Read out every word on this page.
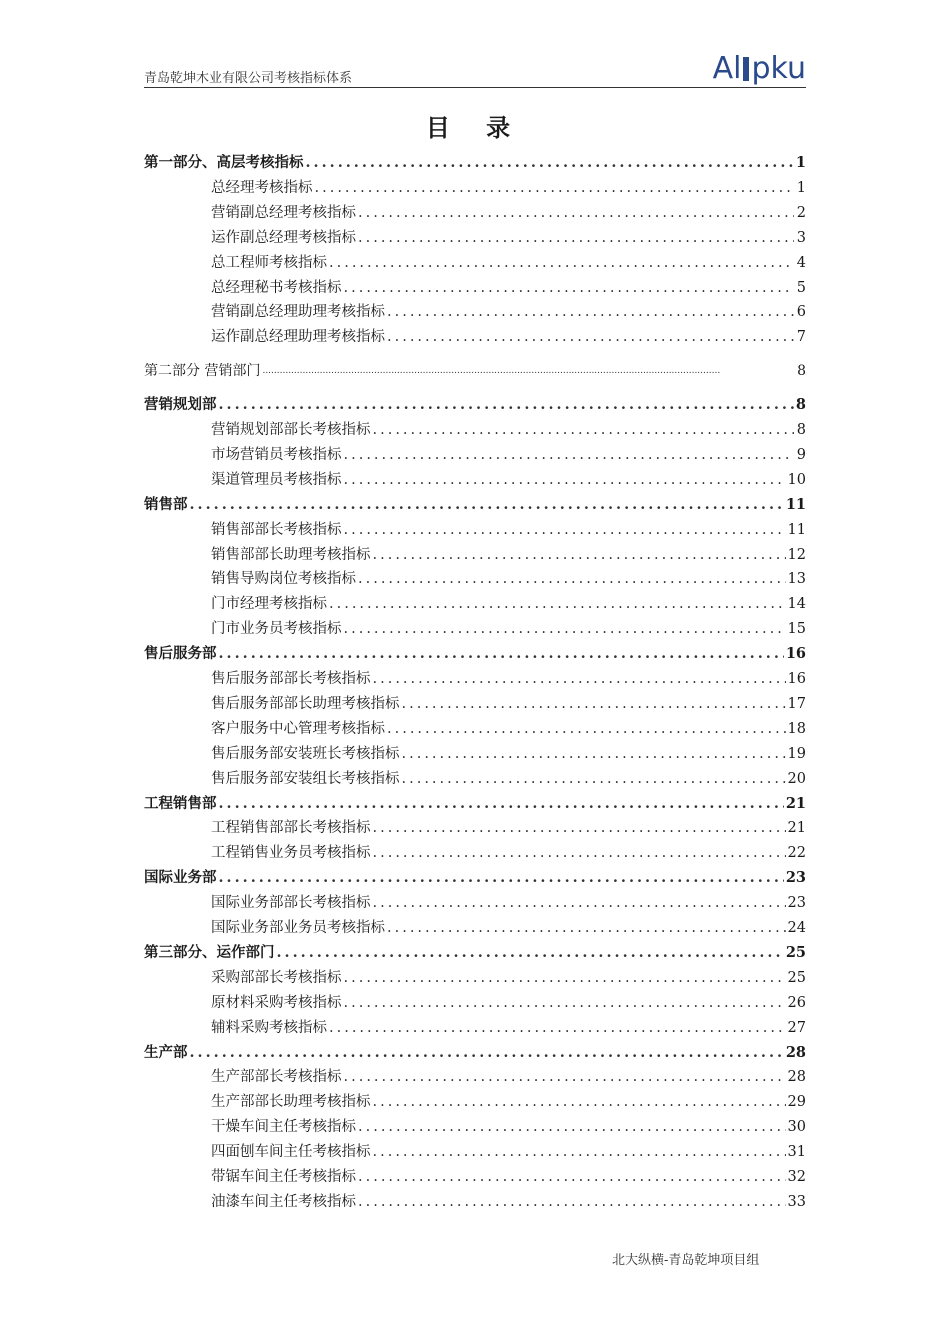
青岛乾坤木业有限公司考核指标体系	Al pku
目 录
第一部分、高层考核指标 .....	1
总经理考核指标 .....	1
营销副总经理考核指标 .....	2
运作副总经理考核指标 .....	3
总工程师考核指标 .....	4
总经理秘书考核指标 .....	5
营销副总经理助理考核指标 .....	6
运作副总经理助理考核指标 .....	7
第二部分 营销部门 .....	8
营销规划部 .....	8
营销规划部部长考核指标 .....	8
市场营销员考核指标 .....	9
渠道管理员考核指标 .....	10
销售部 .....	11
销售部部长考核指标 .....	11
销售部部长助理考核指标 .....	12
销售导购岗位考核指标 .....	13
门市经理考核指标 .....	14
门市业务员考核指标 .....	15
售后服务部 .....	16
售后服务部部长考核指标 .....	16
售后服务部部长助理考核指标 .....	17
客户服务中心管理考核指标 .....	18
售后服务部安装班长考核指标 .....	19
售后服务部安装组长考核指标 .....	20
工程销售部 .....	21
工程销售部部长考核指标 .....	21
工程销售业务员考核指标 .....	22
国际业务部 .....	23
国际业务部部长考核指标 .....	23
国际业务部业务员考核指标 .....	24
第三部分、运作部门 .....	25
采购部部长考核指标 .....	25
原材料采购考核指标 .....	26
辅料采购考核指标 .....	27
生产部 .....	28
生产部部长考核指标 .....	28
生产部部长助理考核指标 .....	29
干燥车间主任考核指标 .....	30
四面刨车间主任考核指标 .....	31
带锯车间主任考核指标 .....	32
油漆车间主任考核指标 .....	33
北大纵横-青岛乾坤项目组
